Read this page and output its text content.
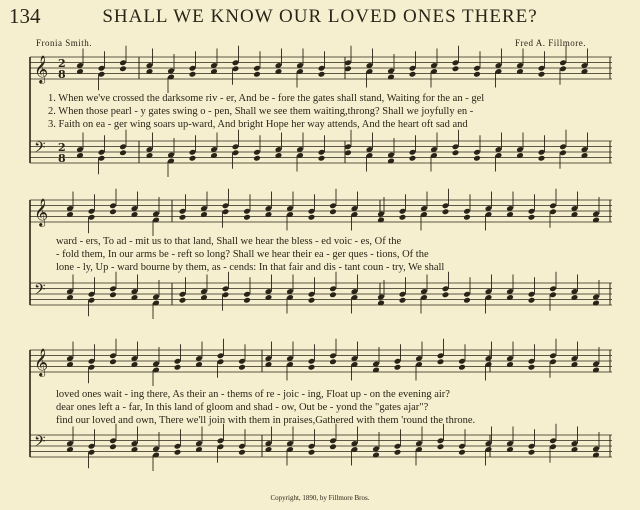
134	SHALL WE KNOW OUR LOVED ONES THERE?
Fronia Smith.	Fred A. Fillmore.
𝄞 2
8
𝄢 2
8
𝄞
𝄢
𝄞
𝄢
1. When we've crossed the darksome riv - er, And be - fore the gates shall stand, Waiting for the an - gel
2. When those pearl - y gates swing o - pen, Shall we see them waiting,throng? Shall we joyfully en -
3. Faith on ea - ger wing soars up-ward, And bright Hope her way attends, And the heart oft sad and
ward - ers, To ad - mit us to that land, Shall we hear the bless - ed voic - es, Of the
- fold them, In our arms be - reft so long? Shall we hear their ea - ger ques - tions, Of the
lone - ly, Up - ward bourne by them, as - cends: In that fair and dis - tant coun - try, We shall
loved ones wait - ing there, As their an - thems of re - joic - ing, Float up - on the evening air?
dear ones left a - far, In this land of gloom and shad - ow, Out be - yond the "gates ajar"?
find our loved and own, There we'll join with them in praises,Gathered with them 'round the throne.
Copyright, 1890, by Fillmore Bros.
